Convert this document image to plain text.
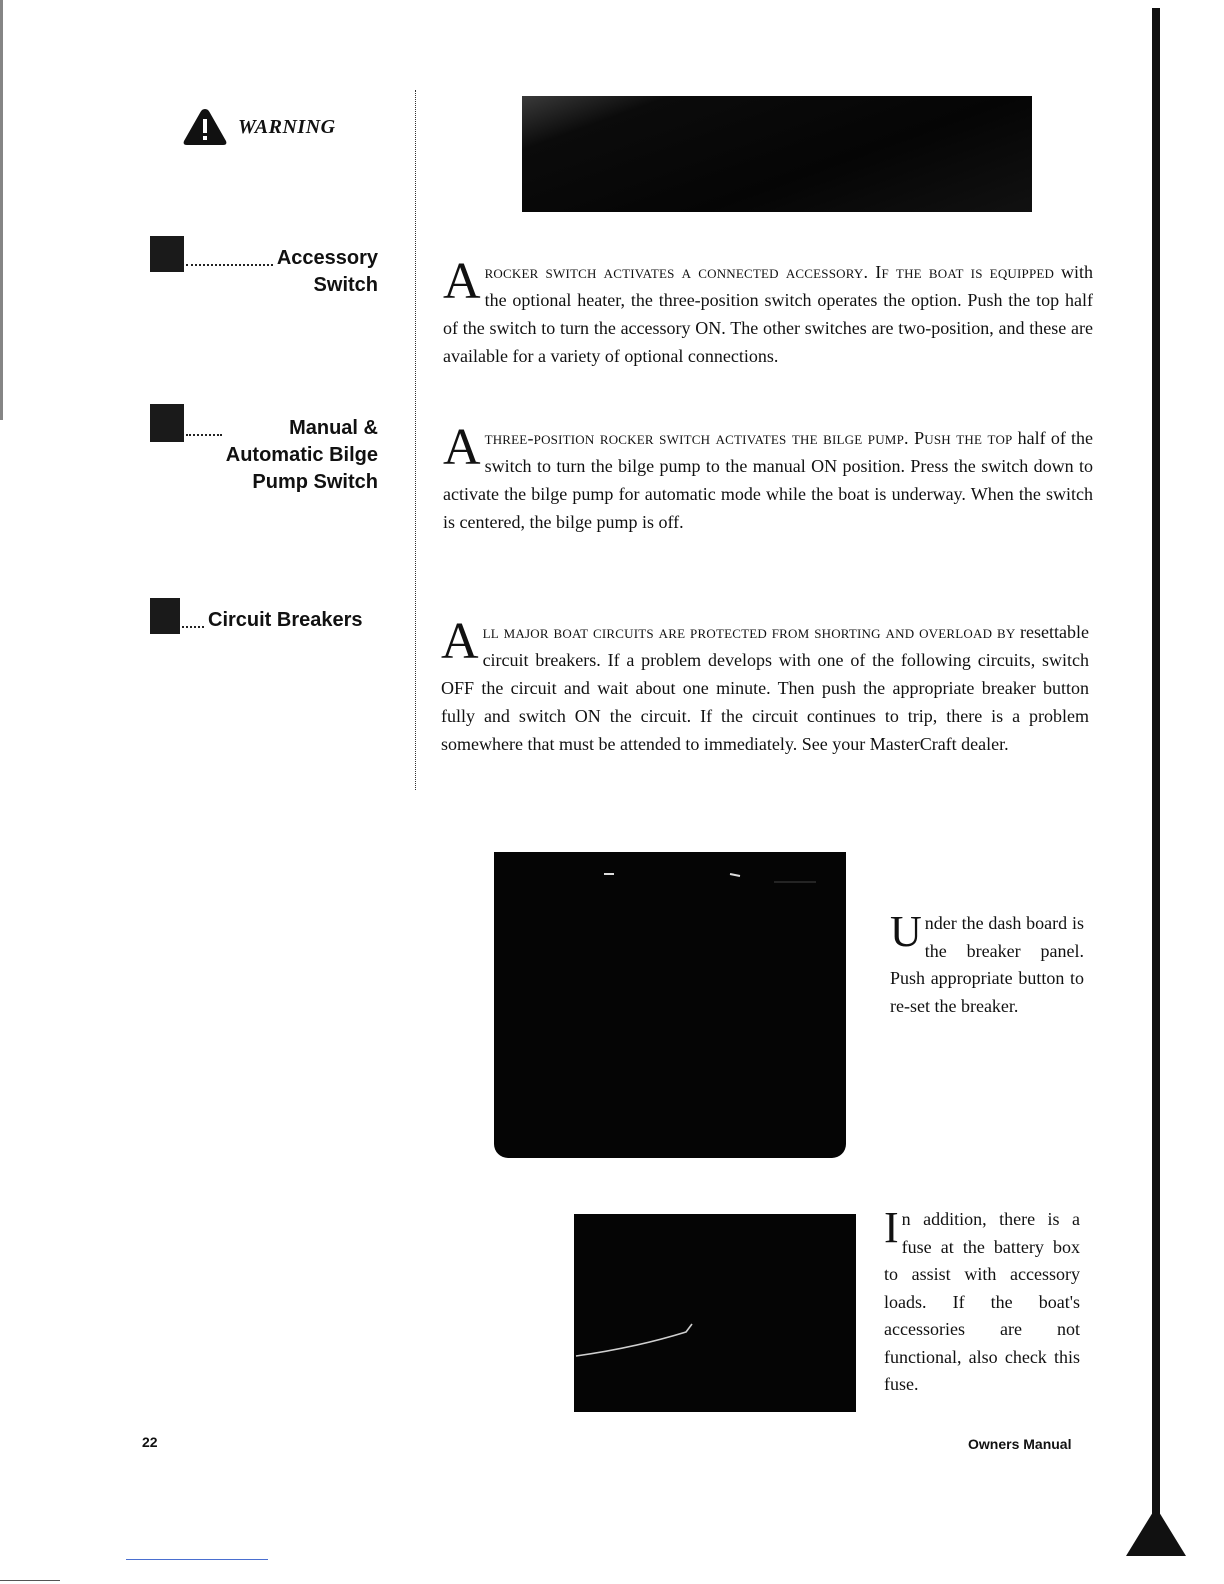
WARNING
Accessory
Switch
Manual &
Automatic Bilge
Pump Switch
Circuit Breakers
A rocker switch activates a connected accessory. If the boat is equipped with the optional heater, the three-position switch operates the option. Push the top half of the switch to turn the accessory ON. The other switches are two-position, and these are available for a variety of optional connections.
A three-position rocker switch activates the bilge pump. Push the top half of the switch to turn the bilge pump to the manual ON position. Press the switch down to activate the bilge pump for automatic mode while the boat is underway. When the switch is centered, the bilge pump is off.
A ll major boat circuits are protected from shorting and overload by resettable circuit breakers. If a problem develops with one of the following circuits, switch OFF the circuit and wait about one minute. Then push the appropriate breaker button fully and switch ON the circuit. If the circuit continues to trip, there is a problem somewhere that must be attended to immediately. See your MasterCraft dealer.
U nder the dash board is the breaker panel. Push appropriate button to re-set the breaker.
I n addition, there is a fuse at the battery box to assist with accessory loads. If the boat's accessories are not functional, also check this fuse.
22	Owners Manual
